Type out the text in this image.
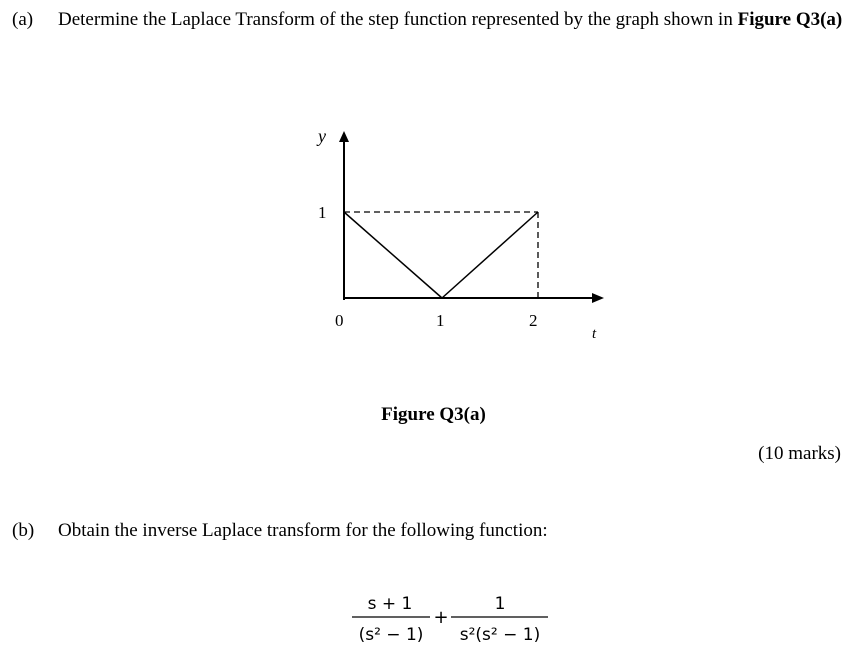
(a) Determine the Laplace Transform of the step function represented by the graph shown in Figure Q3(a)
y
1
0	1	2
t
Figure Q3(a)
(10 marks)
(b) Obtain the inverse Laplace transform for the following function:
s + 1
(s² − 1)
+
1
s²(s² − 1)
